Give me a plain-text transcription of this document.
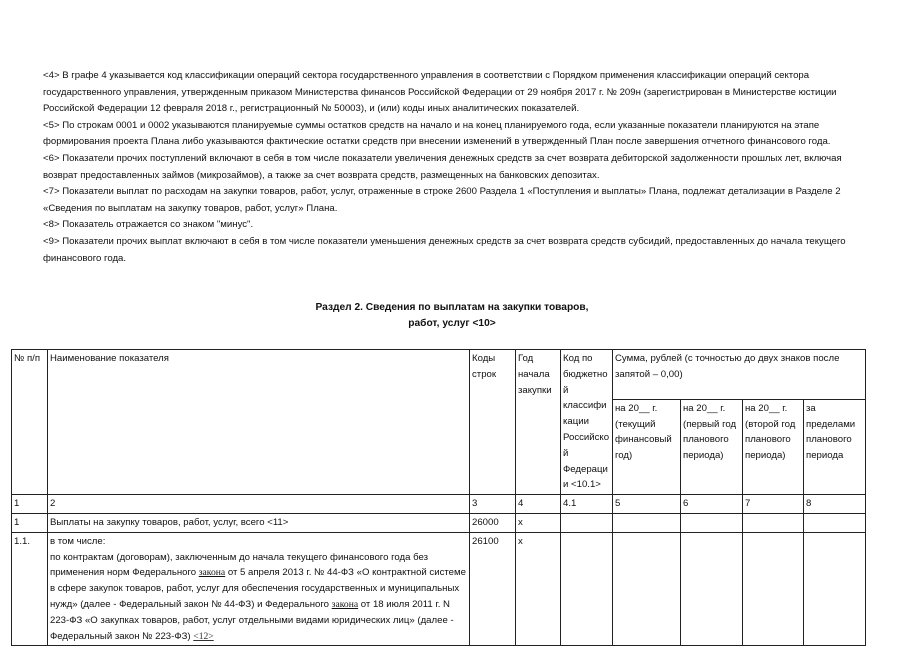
<4> В графе 4 указывается код классификации операций сектора государственного управления в соответствии с Порядком применения классификации операций сектора государственного управления, утвержденным приказом Министерства финансов Российской Федерации от 29 ноября 2017 г. № 209н (зарегистрирован в Министерстве юстиции Российской Федерации 12 февраля 2018 г., регистрационный № 50003), и (или) коды иных аналитических показателей.

<5> По строкам 0001 и 0002 указываются планируемые суммы остатков средств на начало и на конец планируемого года, если указанные показатели планируются на этапе формирования проекта Плана либо указываются фактические остатки средств при внесении изменений в утвержденный План после завершения отчетного финансового года.

<6> Показатели прочих поступлений включают в себя в том числе показатели увеличения денежных средств за счет возврата дебиторской задолженности прошлых лет, включая возврат предоставленных займов (микрозаймов), а также за счет возврата средств, размещенных на банковских депозитах.

<7> Показатели выплат по расходам на закупки товаров, работ, услуг, отраженные в строке 2600 Раздела 1 «Поступления и выплаты» Плана, подлежат детализации в Разделе 2 «Сведения по выплатам на закупку товаров, работ, услуг» Плана.

<8> Показатель отражается со знаком "минус".

<9> Показатели прочих выплат включают в себя в том числе показатели уменьшения денежных средств за счет возврата средств субсидий, предоставленных до начала текущего финансового года.

Раздел 2. Сведения по выплатам на закупки товаров,
работ, услуг <10>
№ п/п	Наименование показателя	Коды строк	Год начала закупки	Код по бюджетной классификации Российской Федерации <10.1>	Сумма, рублей (с точностью до двух знаков после запятой – 0,00)			
					на 20__ г. (текущий финансовый год)	на 20__ г. (первый год планового периода)	на 20__ г. (второй год планового периода)	за пределами планового периода
1	2	3	4	4.1	5	6	7	8
1	Выплаты на закупку товаров, работ, услуг, всего <11>	26000	x					
1.1.	в том числе:
по контрактам (договорам), заключенным до начала текущего финансового года без применения норм Федерального закона от 5 апреля 2013 г. № 44-ФЗ «О контрактной системе в сфере закупок товаров, работ, услуг для обеспечения государственных и муниципальных нужд» (далее - Федеральный закон № 44-ФЗ) и Федерального закона от 18 июля 2011 г. N 223-ФЗ «О закупках товаров, работ, услуг отдельными видами юридических лиц» (далее - Федеральный закон № 223-ФЗ) <12>	26100	x					
